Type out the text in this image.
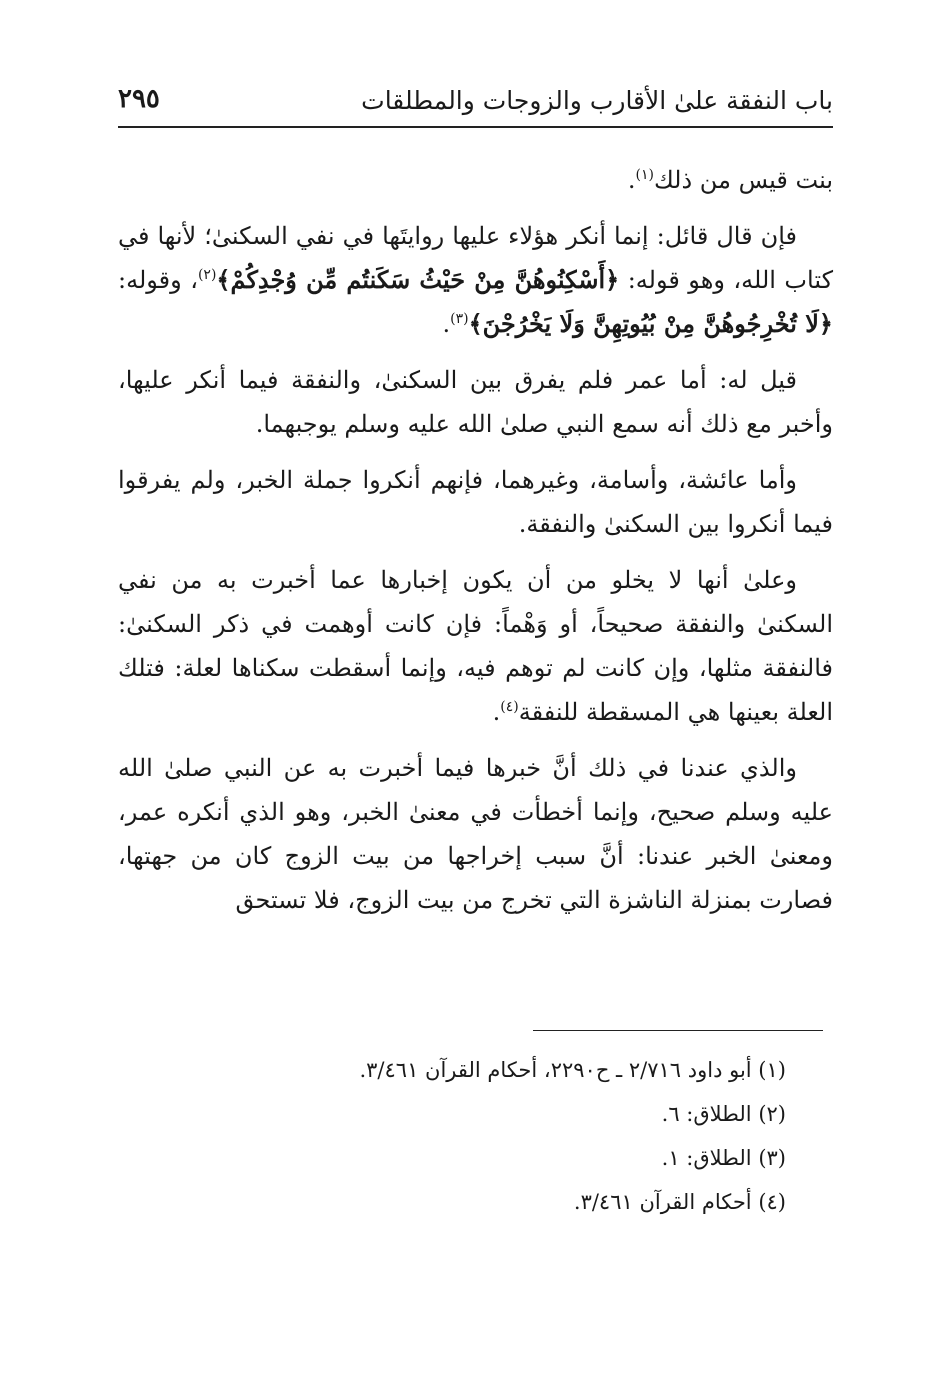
باب النفقة علىٰ الأقارب والزوجات والمطلقات
٢٩٥

بنت قيس من ذلك$^{(١)}$.

فإن قال قائل: إنما أنكر هؤلاء عليها روايتَها في نفي السكنىٰ؛ لأنها في كتاب الله، وهو قوله: ﴿أَسْكِنُوهُنَّ مِنْ حَيْثُ سَكَنتُم مِّن وُجْدِكُمْ﴾$^{(٢)}$، وقوله: ﴿لَا تُخْرِجُوهُنَّ مِنْ بُيُوتِهِنَّ وَلَا يَخْرُجْنَ﴾$^{(٣)}$.

قيل له: أما عمر فلم يفرق بين السكنىٰ، والنفقة فيما أنكر عليها، وأخبر مع ذلك أنه سمع النبي صلىٰ الله عليه وسلم يوجبهما.

وأما عائشة، وأسامة، وغيرهما، فإنهم أنكروا جملة الخبر، ولم يفرقوا فيما أنكروا بين السكنىٰ والنفقة.

وعلىٰ أنها لا يخلو من أن يكون إخبارها عما أخبرت به من نفي السكنىٰ والنفقة صحيحاً، أو وَهْماً: فإن كانت أوهمت في ذكر السكنىٰ: فالنفقة مثلها، وإن كانت لم توهم فيه، وإنما أسقطت سكناها لعلة: فتلك العلة بعينها هي المسقطة للنفقة$^{(٤)}$.

والذي عندنا في ذلك أنَّ خبرها فيما أخبرت به عن النبي صلىٰ الله عليه وسلم صحيح، وإنما أخطأت في معنىٰ الخبر، وهو الذي أنكره عمر، ومعنىٰ الخبر عندنا: أنَّ سبب إخراجها من بيت الزوج كان من جهتها، فصارت بمنزلة الناشزة التي تخرج من بيت الزوج، فلا تستحق

(١) أبو داود ٢/٧١٦ ـ ح٢٢٩٠، أحكام القرآن ٣/٤٦١.
(٢) الطلاق: ٦.
(٣) الطلاق: ١.
(٤) أحكام القرآن ٣/٤٦١.
